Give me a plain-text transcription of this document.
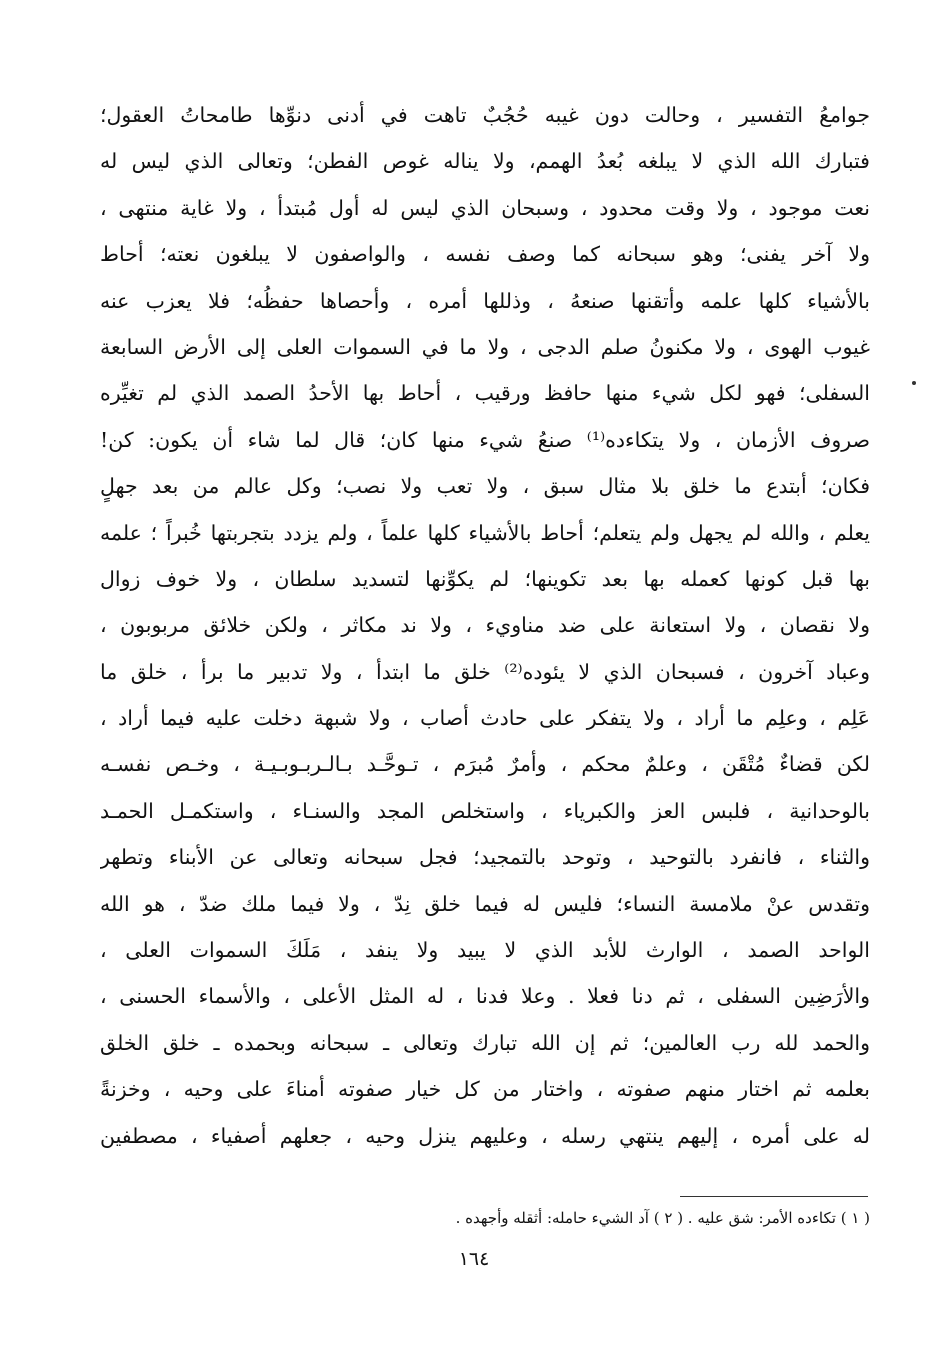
جوامعُ التفسير ، وحالت دون غيبه حُجُبٌ تاهت في أدنى دنوِّها طامحاتُ العقول؛
فتبارك الله الذي لا يبلغه بُعدُ الهمم، ولا يناله غوص الفطن؛ وتعالى الذي ليس له
نعت موجود ، ولا وقت محدود ، وسبحان الذي ليس له أول مُبتدأ ، ولا غاية منتهى ،
ولا آخر يفنى؛ وهو سبحانه كما وصف نفسه ، والواصفون لا يبلغون نعته؛ أحاط
بالأشياء كلها علمه وأتقنها صنعهُ ، وذللها أمره ، وأحصاها حفظُه؛ فلا يعزب عنه
غيوب الهوى ، ولا مكنونُ صلم الدجى ، ولا ما في السموات العلى إلى الأرض السابعة
السفلى؛ فهو لكل شيء منها حافظ ورقيب ، أحاط بها الأحدُ الصمد الذي لم تغيِّره
صروف الأزمان ، ولا يتكاءده⁽¹⁾ صنعُ شيء منها كان؛ قال لما شاء أن يكون: كن!
فكان؛ أبتدع ما خلق بلا مثال سبق ، ولا تعب ولا نصب؛ وكل عالم من بعد جهلٍ
يعلم ، والله لم يجهل ولم يتعلم؛ أحاط بالأشياء كلها علماً ، ولم يزدد بتجربتها خُبراً ؛ علمه
بها قبل كونها كعمله بها بعد تكوينها؛ لم يكوِّنها لتسديد سلطان ، ولا خوف زوال
ولا نقصان ، ولا استعانة على ضد مناويء ، ولا ند مكاثر ، ولكن خلائق مربوبون ،
وعباد آخرون ، فسبحان الذي لا يئوده⁽²⁾ خلق ما ابتدأ ، ولا تدبير ما برأ ، خلق ما
عَلِم ، وعلِم ما أراد ، ولا يتفكر على حادث أصاب ، ولا شبهة دخلت عليه فيما أراد ،
لكن قضاءٌ مُتْقَن ، وعلمٌ محكم ، وأمرٌ مُبرَم ، تـوحَّـد بـالـربـوبـيـة ، وخـص نفسـه
بالوحدانية ، فلبس العز والكبرياء ، واستخلص المجد والسنـاء ، واستكمـل الحمـد
والثناء ، فانفرد بالتوحيد ، وتوحد بالتمجيد؛ فجل سبحانه وتعالى عن الأبناء وتطهر
وتقدس عنْ ملامسة النساء؛ فليس له فيما خلق نِدّ ، ولا فيما ملك ضدّ ، هو الله
الواحد الصمد ، الوارث للأبد الذي لا يبيد ولا ينفد ، مَلَكَ السموات العلى ،
والأرَضِين السفلى ، ثم دنا فعلا . وعلا فدنا ، له المثل الأعلى ، والأسماء الحسنى ،
والحمد لله رب العالمين؛ ثم إن الله تبارك وتعالى ـ سبحانه وبحمده ـ خلق الخلق
بعلمه ثم اختار منهم صفوته ، واختار من كل خيار صفوته أمناءَ على وحيه ، وخزنةً
له على أمره ، إليهم ينتهي رسله ، وعليهم ينزل وحيه ، جعلهم أصفياء ، مصطفين
( ١ ) تكاءده الأمر: شق عليه . ( ٢ ) آد الشيء حامله: أثقله وأجهده .
١٦٤
